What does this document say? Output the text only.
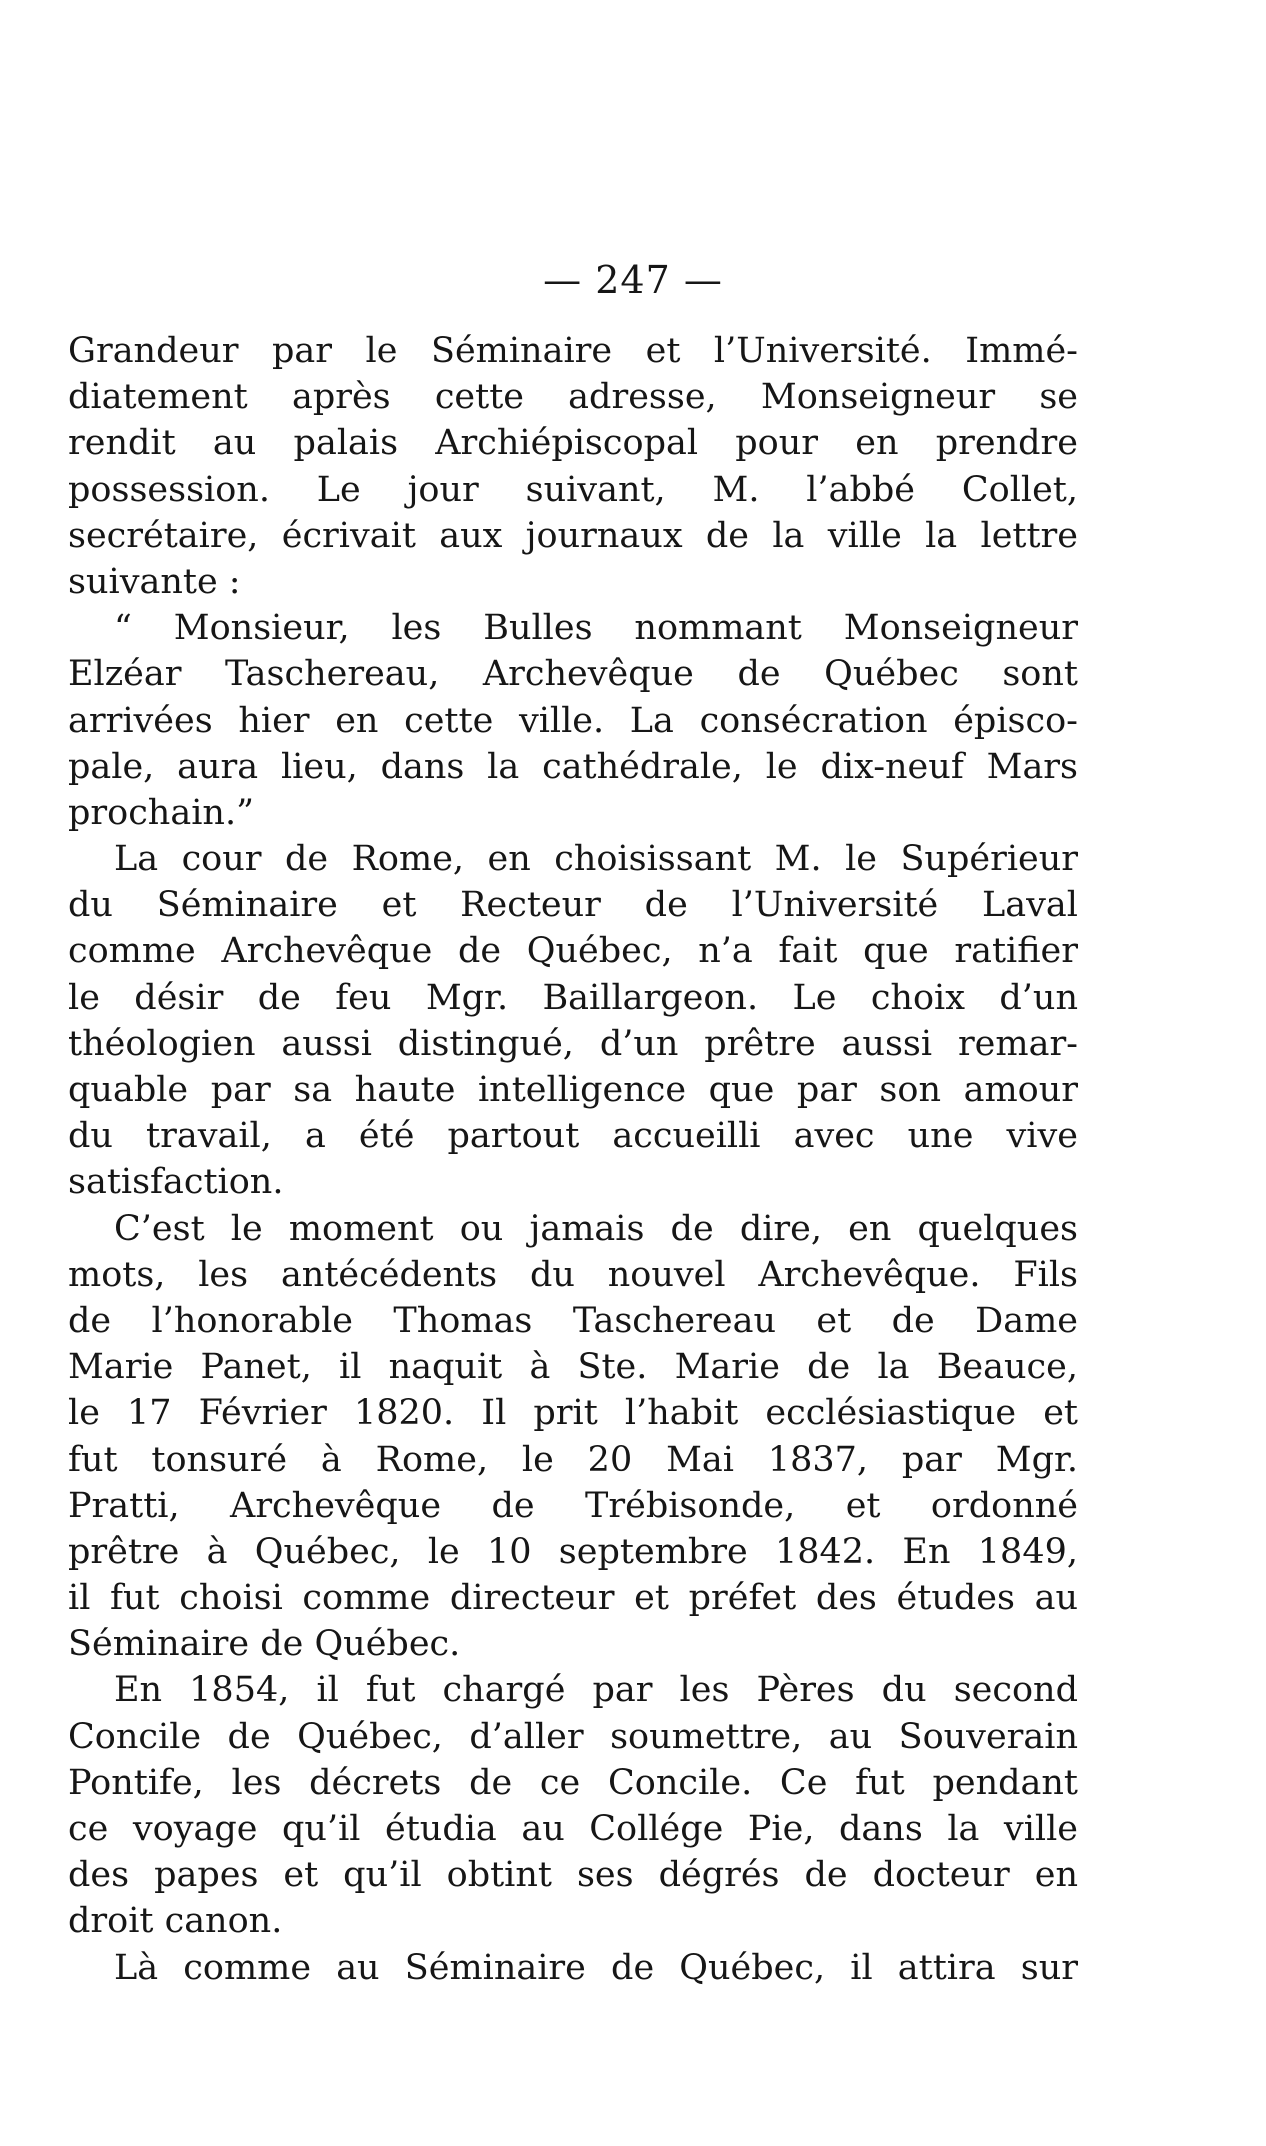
— 247 —
Grandeur par le Séminaire et l’Université. Immé-
diatement après cette adresse, Monseigneur se
rendit au palais Archiépiscopal pour en prendre
possession. Le jour suivant, M. l’abbé Collet,
secrétaire, écrivait aux journaux de la ville la lettre
suivante :
“ Monsieur, les Bulles nommant Monseigneur
Elzéar Taschereau, Archevêque de Québec sont
arrivées hier en cette ville. La consécration épisco-
pale, aura lieu, dans la cathédrale, le dix-neuf Mars
prochain.”
La cour de Rome, en choisissant M. le Supérieur
du Séminaire et Recteur de l’Université Laval
comme Archevêque de Québec, n’a fait que ratifier
le désir de feu Mgr. Baillargeon. Le choix d’un
théologien aussi distingué, d’un prêtre aussi remar-
quable par sa haute intelligence que par son amour
du travail, a été partout accueilli avec une vive
satisfaction.
C’est le moment ou jamais de dire, en quelques
mots, les antécédents du nouvel Archevêque. Fils
de l’honorable Thomas Taschereau et de Dame
Marie Panet, il naquit à Ste. Marie de la Beauce,
le 17 Février 1820. Il prit l’habit ecclésiastique et
fut tonsuré à Rome, le 20 Mai 1837, par Mgr.
Pratti, Archevêque de Trébisonde, et ordonné
prêtre à Québec, le 10 septembre 1842. En 1849,
il fut choisi comme directeur et préfet des études au
Séminaire de Québec.
En 1854, il fut chargé par les Pères du second
Concile de Québec, d’aller soumettre, au Souverain
Pontife, les décrets de ce Concile. Ce fut pendant
ce voyage qu’il étudia au Collége Pie, dans la ville
des papes et qu’il obtint ses dégrés de docteur en
droit canon.
Là comme au Séminaire de Québec, il attira sur
